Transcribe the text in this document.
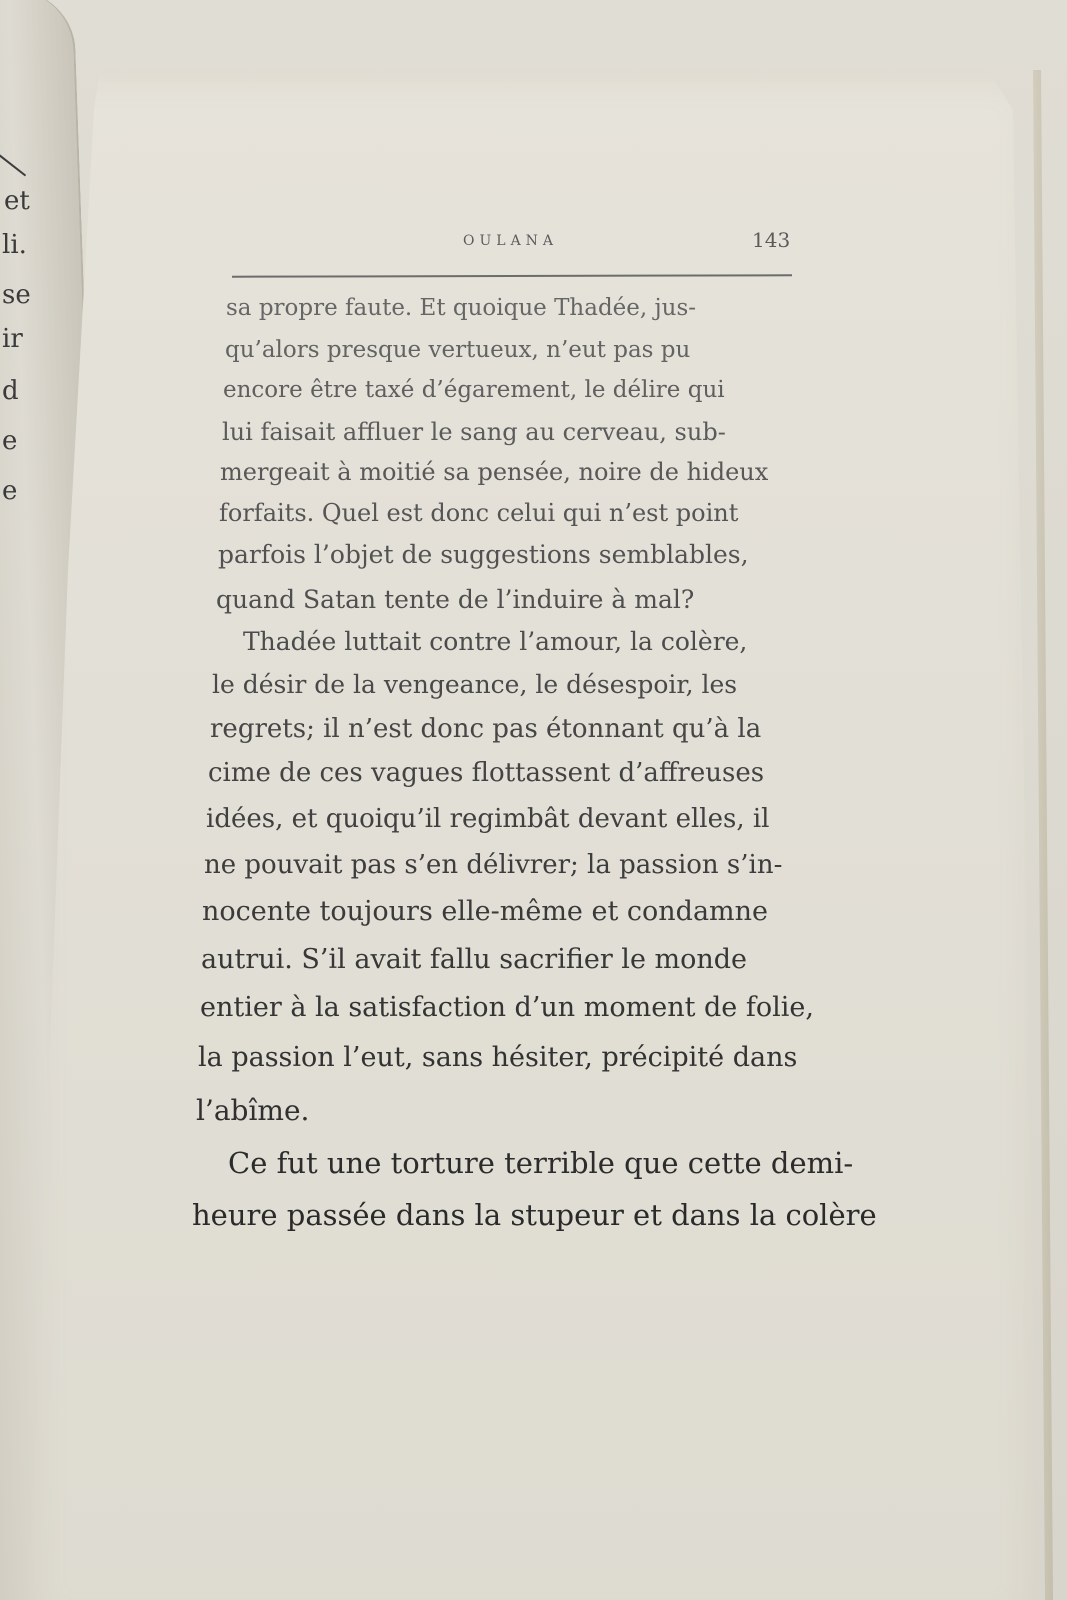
et
li.
se
ir
d
e
e
OULANA	143
sa propre faute. Et quoique Thadée, jus-
qu’alors presque vertueux, n’eut pas pu
encore être taxé d’égarement, le délire qui
lui faisait affluer le sang au cerveau, sub-
mergeait à moitié sa pensée, noire de hideux
forfaits. Quel est donc celui qui n’est point
parfois l’objet de suggestions semblables,
quand Satan tente de l’induire à mal?
Thadée luttait contre l’amour, la colère,
le désir de la vengeance, le désespoir, les
regrets; il n’est donc pas étonnant qu’à la
cime de ces vagues flottassent d’affreuses
idées, et quoiqu’il regimbât devant elles, il
ne pouvait pas s’en délivrer; la passion s’in-
nocente toujours elle-même et condamne
autrui. S’il avait fallu sacrifier le monde
entier à la satisfaction d’un moment de folie,
la passion l’eut, sans hésiter, précipité dans
l’abîme.
Ce fut une torture terrible que cette demi-
heure passée dans la stupeur et dans la colère
